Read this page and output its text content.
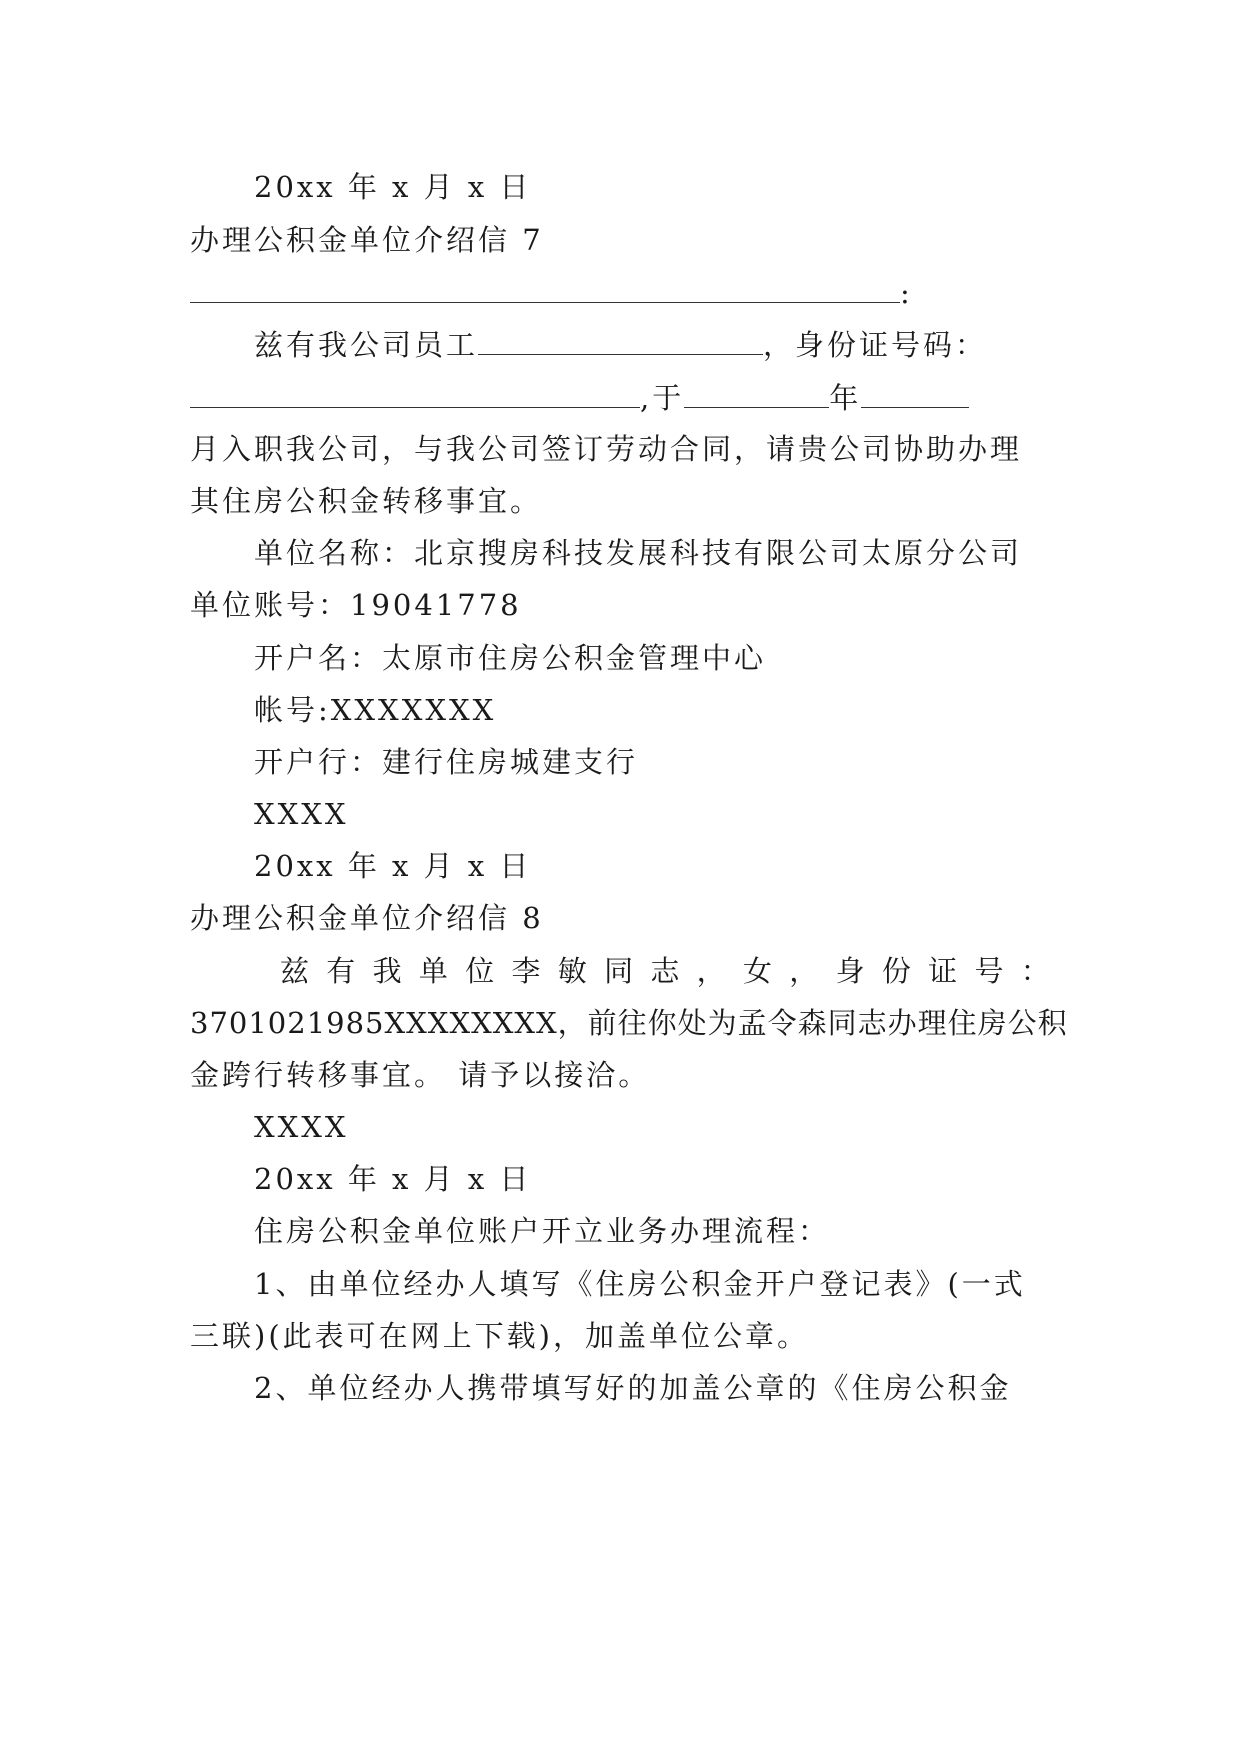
20xx 年 x 月 x 日
办理公积金单位介绍信 7
:
兹有我公司员工	，身份证号码：
,于	年
月入职我公司，与我公司签订劳动合同，请贵公司协助办理
其住房公积金转移事宜。
单位名称：北京搜房科技发展科技有限公司太原分公司
单位账号：19041778
开户名：太原市住房公积金管理中心
帐号:XXXXXXX
开户行：建行住房城建支行
XXXX
20xx 年 x 月 x 日
办理公积金单位介绍信 8
兹 有 我 单 位 李 敏 同 志 ， 女 ， 身 份 证 号 ：
3701021985XXXXXXXX，前往你处为孟令森同志办理住房公积
金跨行转移事宜。 请予以接洽。
XXXX
20xx 年 x 月 x 日
住房公积金单位账户开立业务办理流程：
1、由单位经办人填写《住房公积金开户登记表》(一式
三联)(此表可在网上下载)，加盖单位公章。
2、单位经办人携带填写好的加盖公章的《住房公积金
